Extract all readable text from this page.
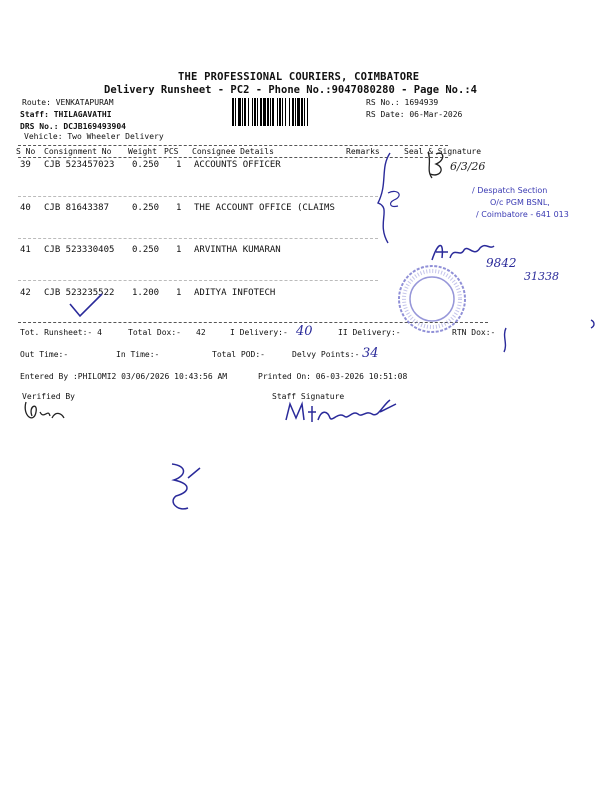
THE PROFESSIONAL COURIERS, COIMBATORE
Delivery Runsheet - PC2 - Phone No.:9047080280 - Page No.:4
Route: VENKATAPURAM
Staff: THILAGAVATHI
DRS No.: DCJB169493904
Vehicle: Two Wheeler Delivery
RS No.: 1694939
RS Date: 06-Mar-2026
S No Consignment No Weight PCS Consignee Details	Remarks	Seal & Signature
39 CJB 523457023 0.250 1 ACCOUNTS OFFICER
40 CJB 81643387	0.250 1 THE ACCOUNT OFFICE (CLAIMS
41 CJB 523330405 0.250 1 ARVINTHA KUMARAN
42 CJB 523235522 1.200 1 ADITYA INFOTECH
Tot. Runsheet:- 4	Total Dox:- 42	I Delivery:-	II Delivery:-	RTN Dox:-
Out Time:-	In Time:-	Total POD:-	Delvy Points:-
Entered By :PHILOMI2 03/06/2026 10:43:56 AM	Printed On: 06-03-2026 10:51:08
Verified By	Staff Signature
/ Despatch Section
O/c PGM BSNL,
/ Coimbatore - 641 013
6/3/26
40
34
9842
31338
